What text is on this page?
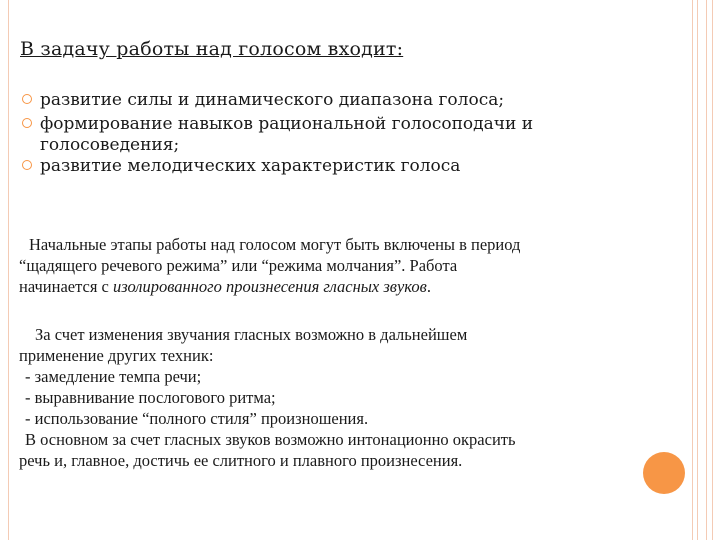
В задачу работы над голосом входит:
развитие силы и динамического диапазона голоса;
формирование навыков рациональной голосоподачи и
голосоведения;
развитие мелодических характеристик голоса
Начальные этапы работы над голосом могут быть включены в период
“щадящего речевого режима” или “режима молчания”. Работа
начинается с изолированного произнесения гласных звуков.
За счет изменения звучания гласных возможно в дальнейшем
применение других техник:
- замедление темпа речи;
- выравнивание послогового ритма;
- использование “полного стиля” произношения.
В основном за счет гласных звуков возможно интонационно окрасить
речь и, главное, достичь ее слитного и плавного произнесения.
